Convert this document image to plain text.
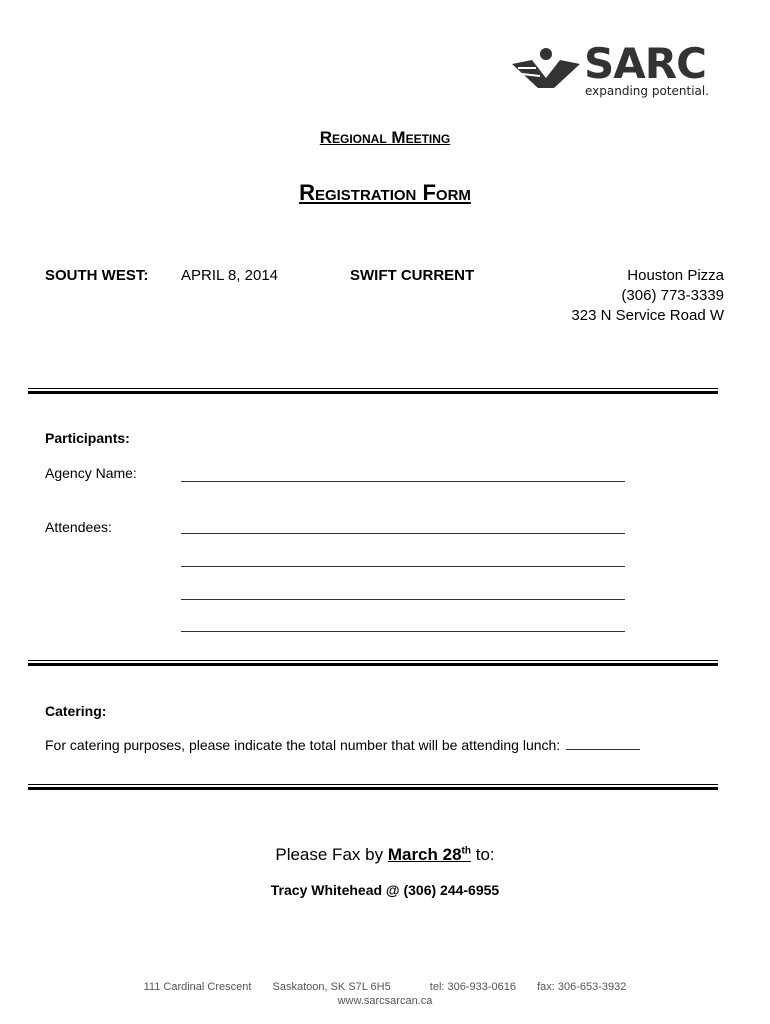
SARC
expanding potential.
Regional Meeting
Registration Form
SOUTH WEST: APRIL 8, 2014	SWIFT CURRENT	Houston Pizza
(306) 773-3339
323 N Service Road W
Participants:
Agency Name:
Attendees:
Catering:
For catering purposes, please indicate the total number that will be attending lunch:
Please Fax by March 28th to:
Tracy Whitehead @ (306) 244-6955
111 Cardinal Crescent Saskatoon, SK S7L 6H5	tel: 306-933-0616 fax: 306-653-3932
www.sarcsarcan.ca
